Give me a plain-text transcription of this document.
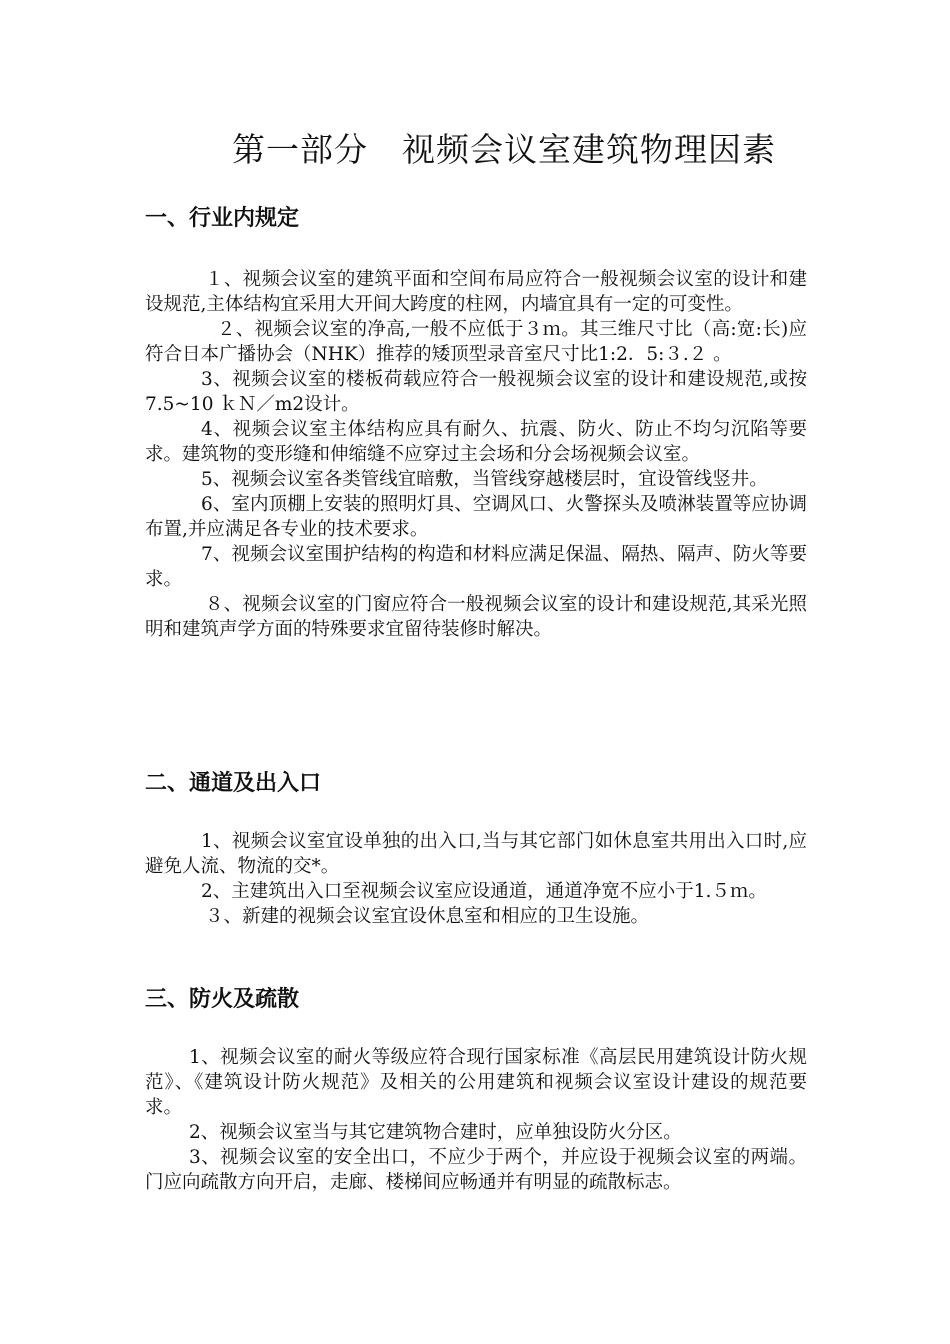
第一部分　视频会议室建筑物理因素
一、行业内规定

１、视频会议室的建筑平面和空间布局应符合一般视频会议室的设计和建设规范,主体结构宜采用大开间大跨度的柱网，内墙宜具有一定的可变性。

２、视频会议室的净高,一般不应低于３ｍ。其三维尺寸比（高:宽:长)应符合日本广播协会（NHK）推荐的矮顶型录音室尺寸比1:2．5:３.２ 。

3、视频会议室的楼板荷载应符合一般视频会议室的设计和建设规范,或按7.5~10 ｋＮ／m2设计。

4、视频会议室主体结构应具有耐久、抗震、防火、防止不均匀沉陷等要求。建筑物的变形缝和伸缩缝不应穿过主会场和分会场视频会议室。

5、视频会议室各类管线宜暗敷，当管线穿越楼层时，宜设管线竖井。

6、室内顶棚上安装的照明灯具、空调风口、火警探头及喷淋装置等应协调布置,并应满足各专业的技术要求。

7、视频会议室围护结构的构造和材料应满足保温、隔热、隔声、防火等要求。

８、视频会议室的门窗应符合一般视频会议室的设计和建设规范,其采光照明和建筑声学方面的特殊要求宜留待装修时解决。

二、通道及出入口

1、视频会议室宜设单独的出入口,当与其它部门如休息室共用出入口时,应避免人流、物流的交*。

2、主建筑出入口至视频会议室应设通道，通道净宽不应小于1.５ｍ。

３、新建的视频会议室宜设休息室和相应的卫生设施。

三、防火及疏散

1、视频会议室的耐火等级应符合现行国家标准《高层民用建筑设计防火规范》、《建筑设计防火规范》及相关的公用建筑和视频会议室设计建设的规范要求。

2、视频会议室当与其它建筑物合建时，应单独设防火分区。

3、视频会议室的安全出口，不应少于两个，并应设于视频会议室的两端。门应向疏散方向开启，走廊、楼梯间应畅通并有明显的疏散标志。
